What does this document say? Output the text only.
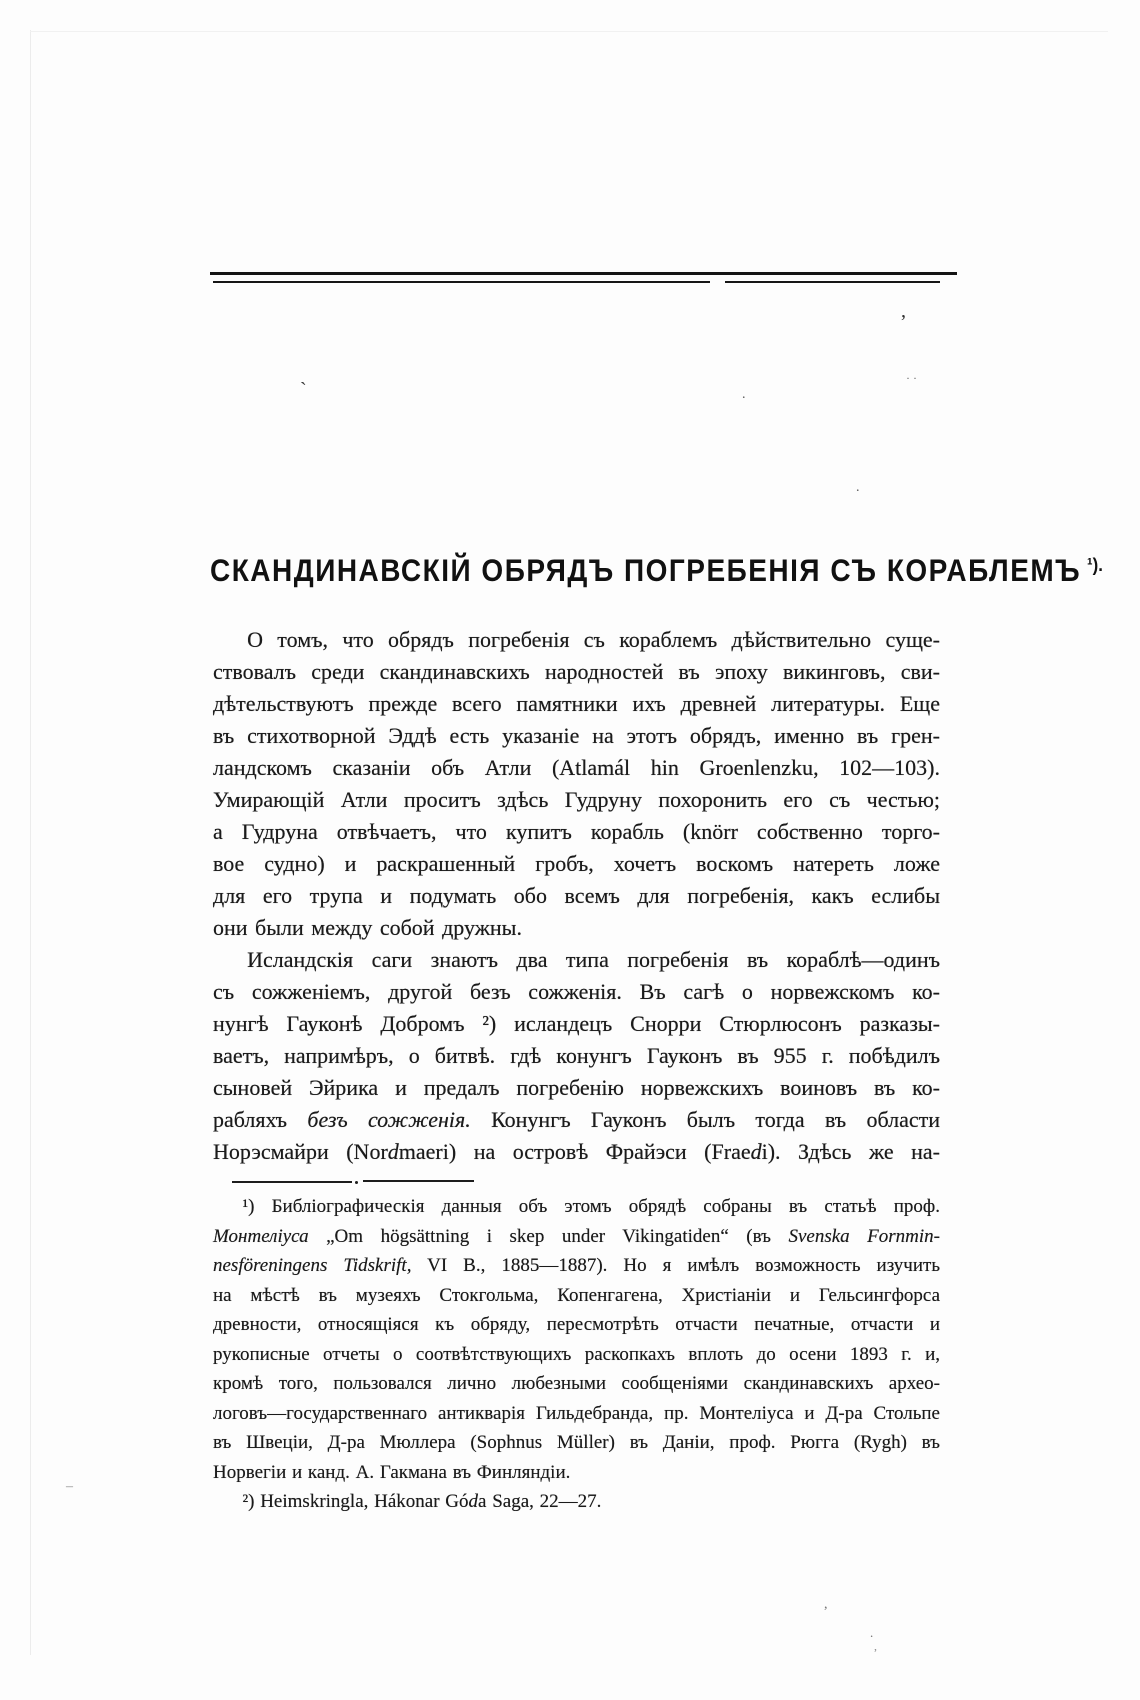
СКАНДИНАВСКІЙ ОБРЯДЪ ПОГРЕБЕНІЯ СЪ КОРАБЛЕМЪ $^{^1).}$
О томъ, что обрядъ погребенія съ кораблемъ дѣйствительно суще-
ствовалъ среди скандинавскихъ народностей въ эпоху викинговъ, сви-
дѣтельствуютъ прежде всего памятники ихъ древней литературы. Еще
въ стихотворной Эддѣ есть указаніе на этотъ обрядъ, именно въ грен-
ландскомъ сказаніи объ Атли (Atlamál hin Groenlenzku, 102—103).
Умирающій Атли проситъ здѣсь Гудруну похоронить его съ честью;
а Гудруна отвѣчаетъ, что купитъ корабль (knörr собственно торго-
вое судно) и раскрашенный гробъ, хочетъ воскомъ натереть ложе
для его трупа и подумать обо всемъ для погребенія, какъ еслибы
они были между собой дружны.
Исландскія саги знаютъ два типа погребенія въ кораблѣ—одинъ
съ сожженіемъ, другой безъ сожженія. Въ сагѣ о норвежскомъ ко-
нунгѣ Гауконѣ Добромъ ²) исландецъ Снорри Стюрлюсонъ разказы-
ваетъ, напримѣръ, о битвѣ. гдѣ конунгъ Гауконъ въ 955 г. побѣдилъ
сыновей Эйрика и предалъ погребенію норвежскихъ воиновъ въ ко-
рабляхъ безъ сожженія. Конунгъ Гауконъ былъ тогда въ области
Норэсмайри (Nordmaeri) на островѣ Фрайэси (Fraedi). Здѣсь же на-
¹) Библіографическія данныя объ этомъ обрядѣ собраны въ статьѣ проф.
Монтеліуса „Om högsättning i skep under Vikingatiden“ (въ Svenska Fornmin-
nesföreningens Tidskrift, VI B., 1885—1887). Но я имѣлъ возможность изучить
на мѣстѣ въ музеяхъ Стокгольма, Копенгагена, Христіаніи и Гельсингфорса
древности, относящіяся къ обряду, пересмотрѣть отчасти печатные, отчасти и
рукописные отчеты о соотвѣтствующихъ раскопкахъ вплоть до осени 1893 г. и,
кромѣ того, пользовался лично любезными сообщеніями скандинавскихъ архео-
логовъ—государственнаго антикварія Гильдебранда, пр. Монтеліуса и Д-ра Стольпе
въ Швеціи, Д-ра Мюллера (Sophnus Müller) въ Даніи, проф. Рюгга (Rygh) въ
Норвегіи и канд. А. Гакмана въ Финляндіи.
²) Heimskringla, Hákonar Góda Saga, 22—27.
’
`
· ·
.
.
–
,
.
,
